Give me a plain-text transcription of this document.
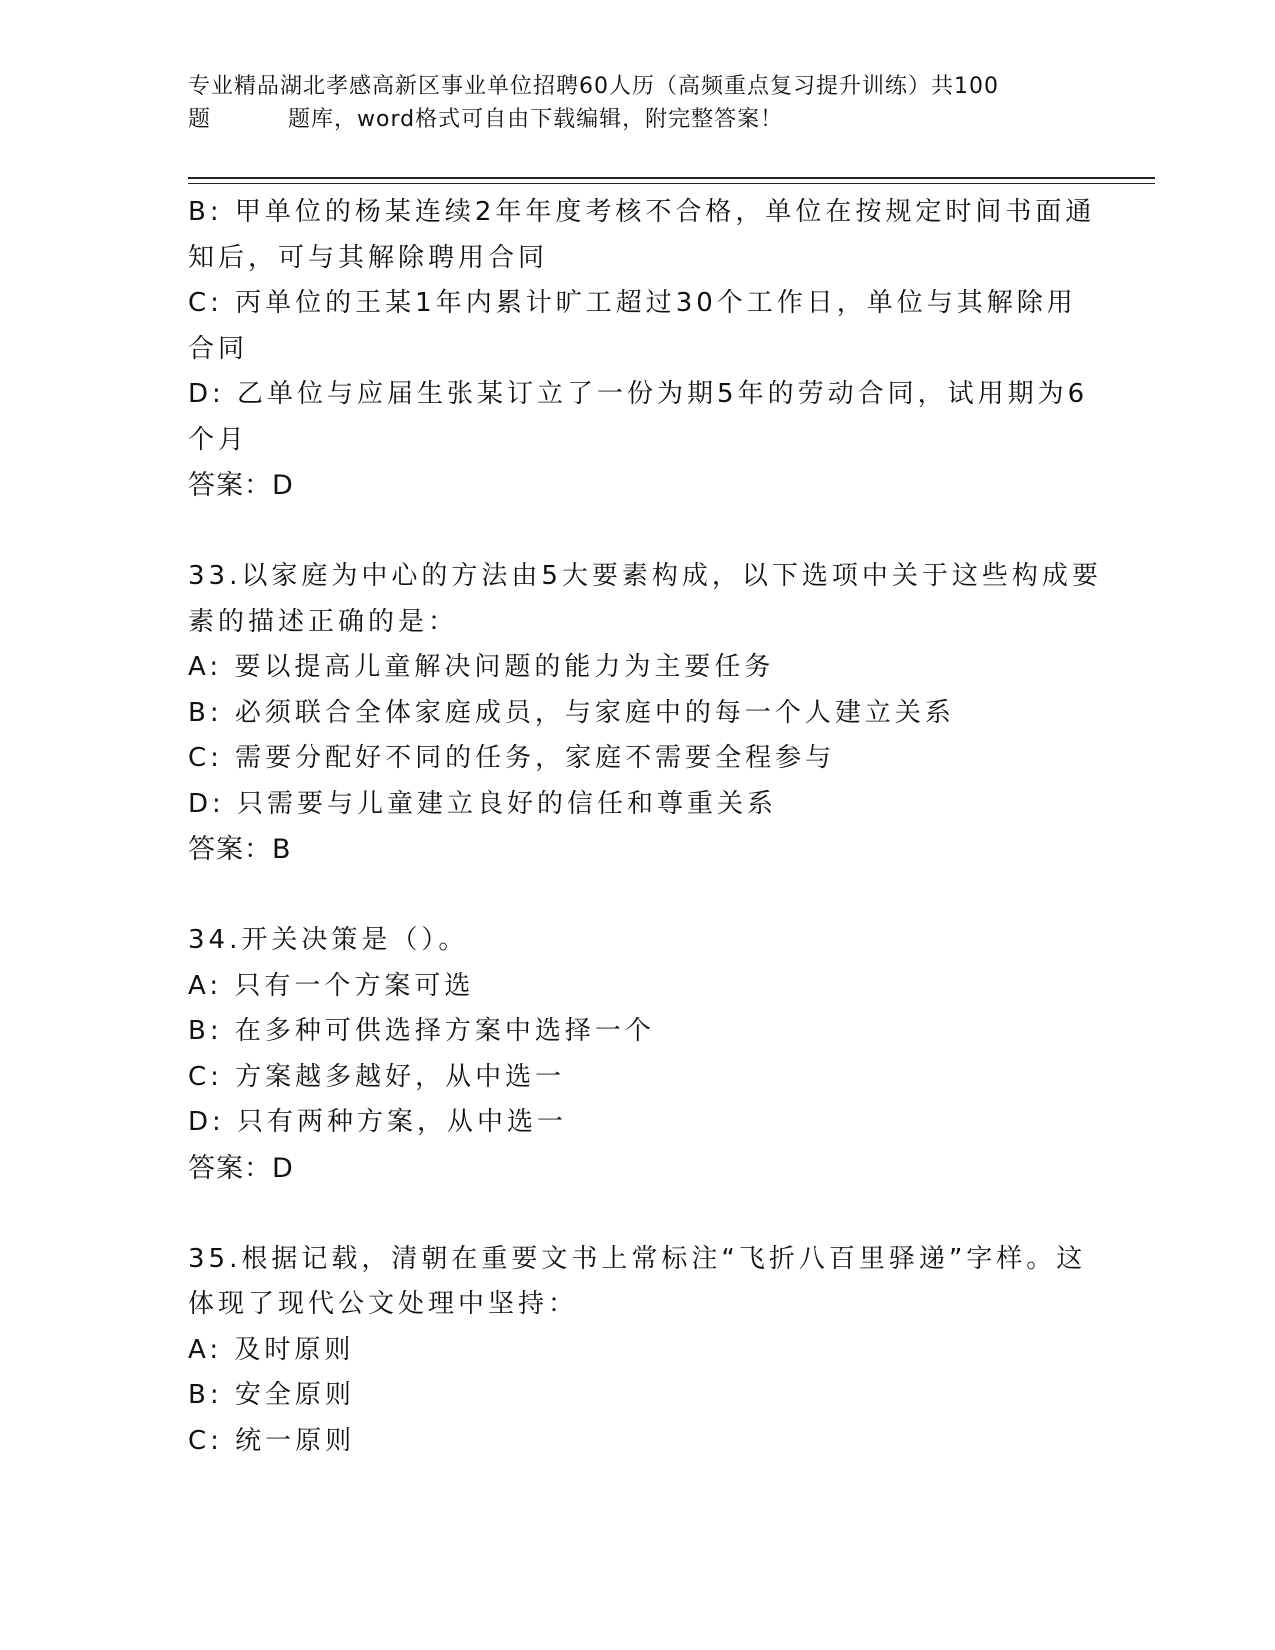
专业精品湖北孝感高新区事业单位招聘60人历（高频重点复习提升训练）共100
题	题库，word格式可自由下载编辑，附完整答案！
B: 甲单位的杨某连续2年年度考核不合格，单位在按规定时间书面通
知后，可与其解除聘用合同
C: 丙单位的王某1年内累计旷工超过30个工作日，单位与其解除用
合同
D: 乙单位与应届生张某订立了一份为期5年的劳动合同，试用期为6
个月
答案：D
33.以家庭为中心的方法由5大要素构成，以下选项中关于这些构成要
素的描述正确的是：
A: 要以提高儿童解决问题的能力为主要任务
B: 必须联合全体家庭成员，与家庭中的每一个人建立关系
C: 需要分配好不同的任务，家庭不需要全程参与
D: 只需要与儿童建立良好的信任和尊重关系
答案：B
34.开关决策是（）。
A: 只有一个方案可选
B: 在多种可供选择方案中选择一个
C: 方案越多越好，从中选一
D: 只有两种方案，从中选一
答案：D
35.根据记载，清朝在重要文书上常标注“飞折八百里驿递”字样。这
体现了现代公文处理中坚持：
A: 及时原则
B: 安全原则
C: 统一原则
